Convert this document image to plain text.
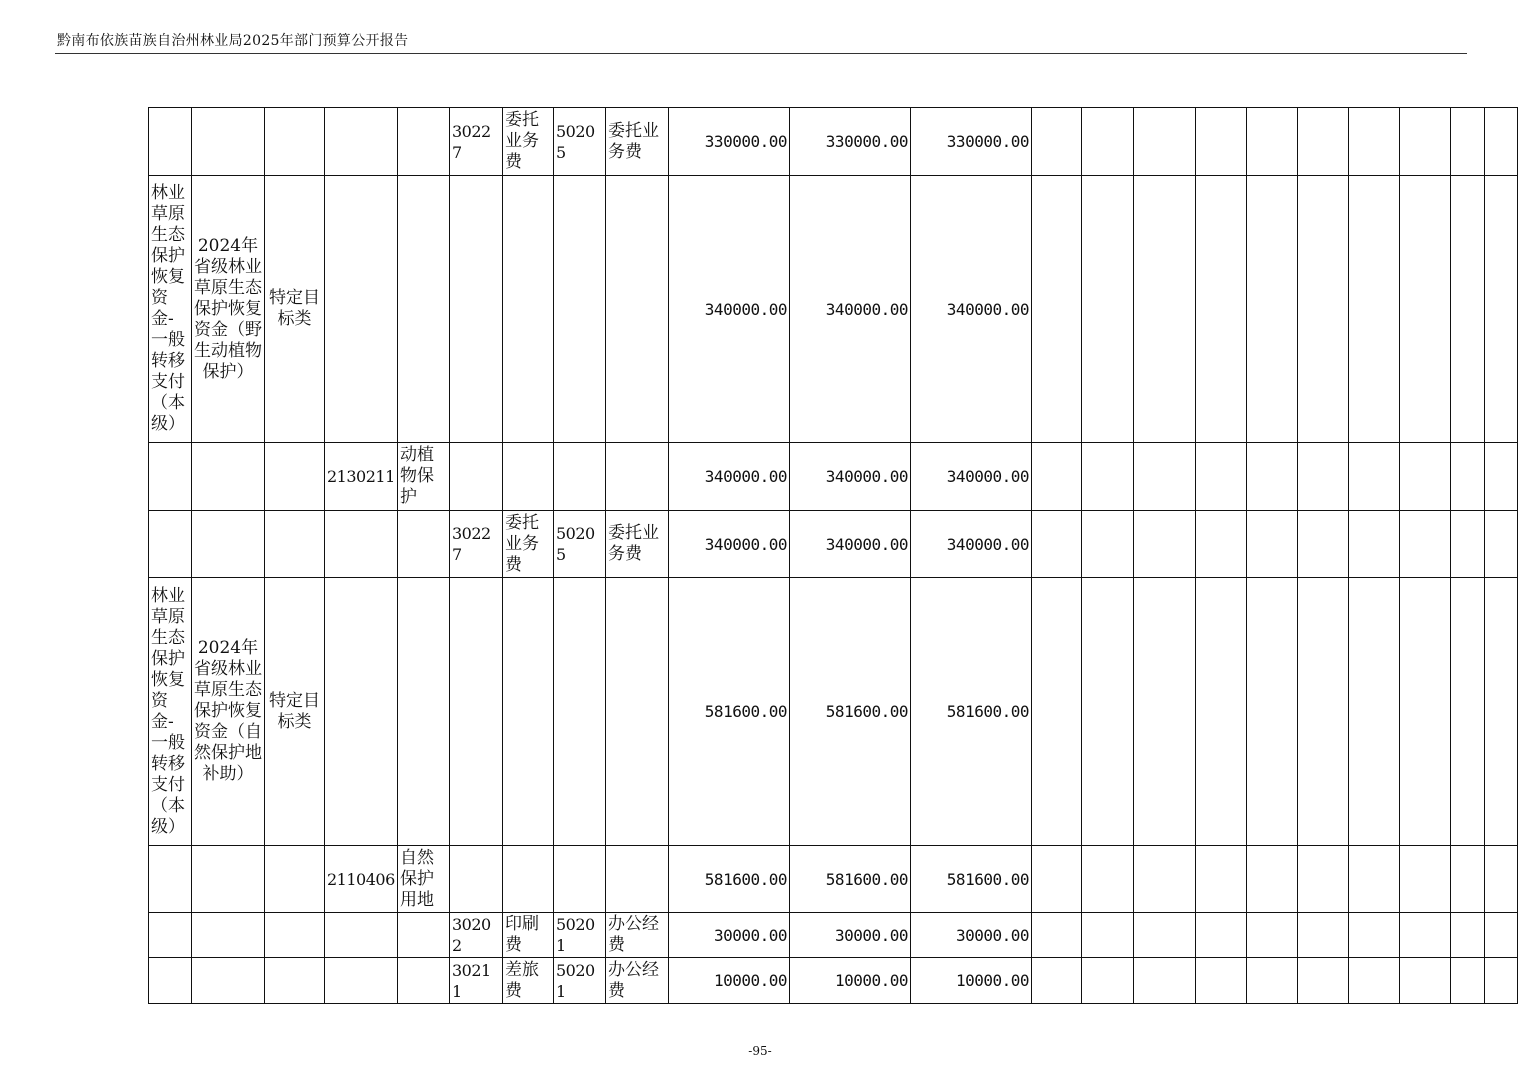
黔南布依族苗族自治州林业局2025年部门预算公开报告
					30227	委托业务费	50205	委托业务费	330000.00	330000.00	330000.00										
林业草原生态保护恢复资金-一般转移支付（本级）	2024年省级林业草原生态保护恢复资金（野生动植物保护）	特定目标类							340000.00	340000.00	340000.00										
			2130211	动植物保护					340000.00	340000.00	340000.00										
					30227	委托业务费	50205	委托业务费	340000.00	340000.00	340000.00										
林业草原生态保护恢复资金-一般转移支付（本级）	2024年省级林业草原生态保护恢复资金（自然保护地补助）	特定目标类							581600.00	581600.00	581600.00										
			2110406	自然保护用地					581600.00	581600.00	581600.00										
					30202	印刷费	50201	办公经费	30000.00	30000.00	30000.00										
					30211	差旅费	50201	办公经费	10000.00	10000.00	10000.00										
-95-
